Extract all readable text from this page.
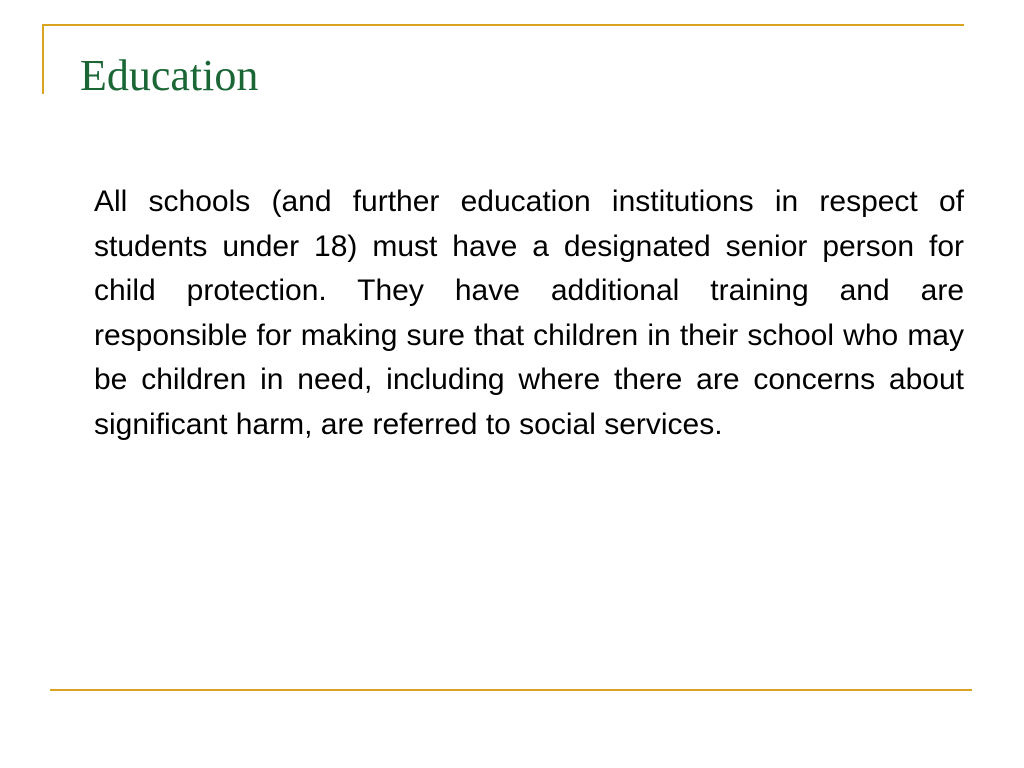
Education

All schools (and further education institutions in respect of students under 18) must have a designated senior person for child protection. They have additional training and are responsible for making sure that children in their school who may be children in need, including where there are concerns about significant harm, are referred to social services.
